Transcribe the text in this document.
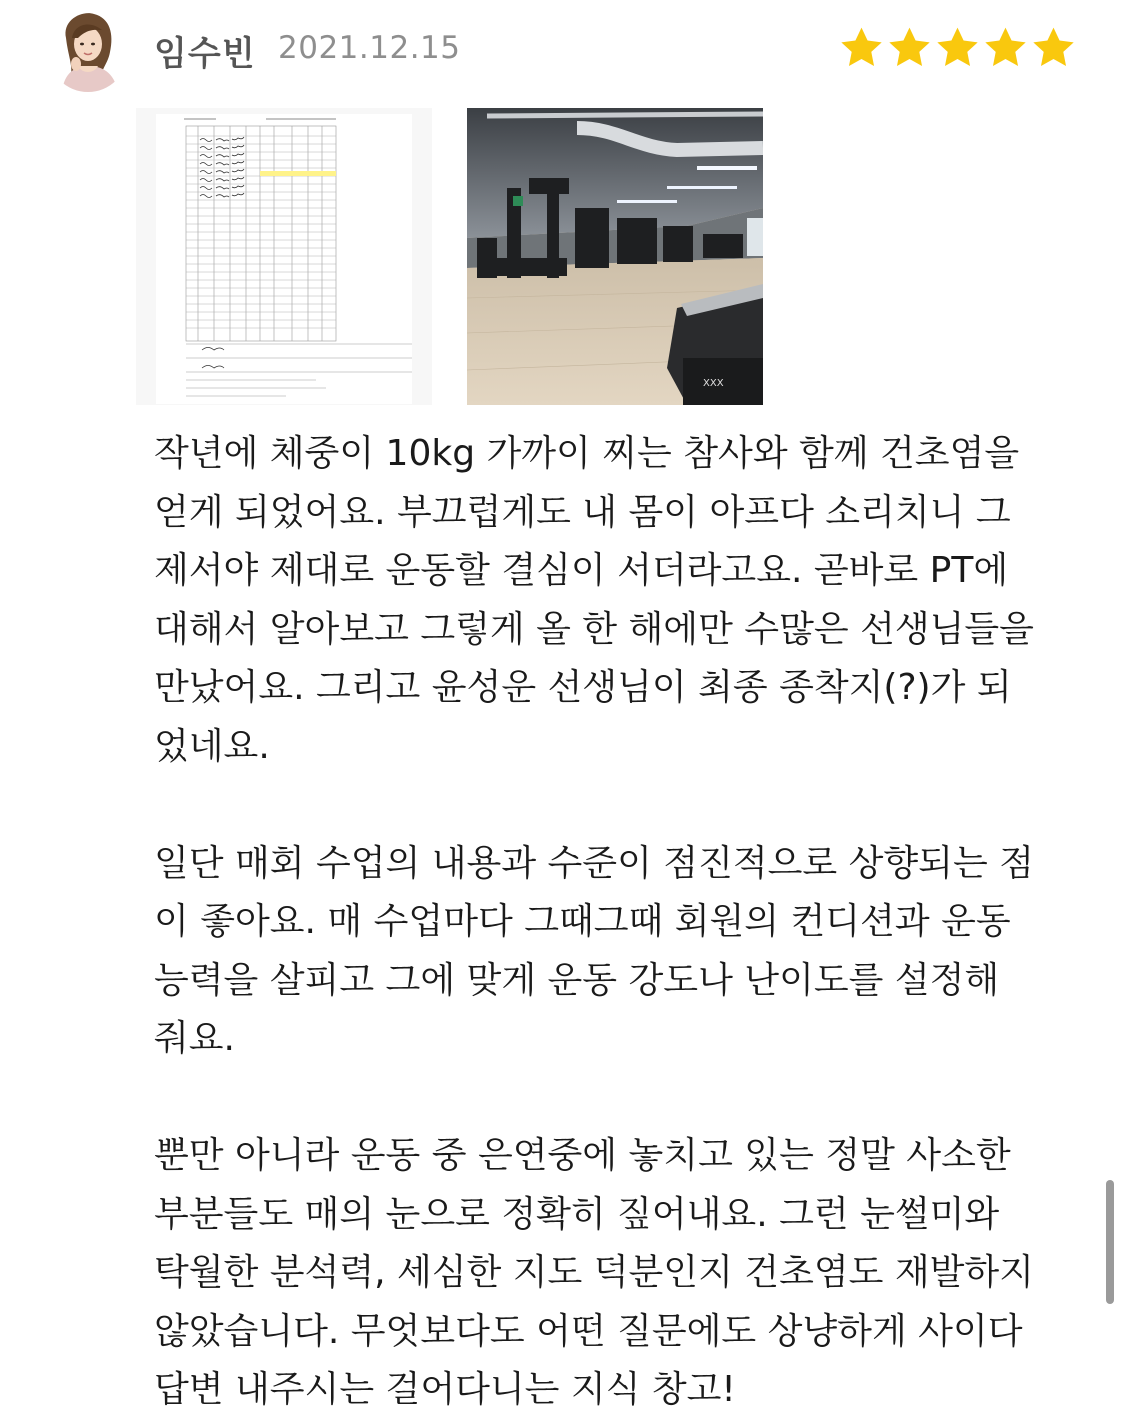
임수빈 2021.12.15
XXX

작년에 체중이 10kg 가까이 찌는 참사와 함께 건초염을
얻게 되었어요. 부끄럽게도 내 몸이 아프다 소리치니 그
제서야 제대로 운동할 결심이 서더라고요. 곧바로 PT에
대해서 알아보고 그렇게 올 한 해에만 수많은 선생님들을
만났어요. 그리고 윤성운 선생님이 최종 종착지(?)가 되
었네요.

일단 매회 수업의 내용과 수준이 점진적으로 상향되는 점
이 좋아요. 매 수업마다 그때그때 회원의 컨디션과 운동
능력을 살피고 그에 맞게 운동 강도나 난이도를 설정해
줘요.

뿐만 아니라 운동 중 은연중에 놓치고 있는 정말 사소한
부분들도 매의 눈으로 정확히 짚어내요. 그런 눈썰미와
탁월한 분석력, 세심한 지도 덕분인지 건초염도 재발하지
않았습니다. 무엇보다도 어떤 질문에도 상냥하게 사이다
답변 내주시는 걸어다니는 지식 창고!
